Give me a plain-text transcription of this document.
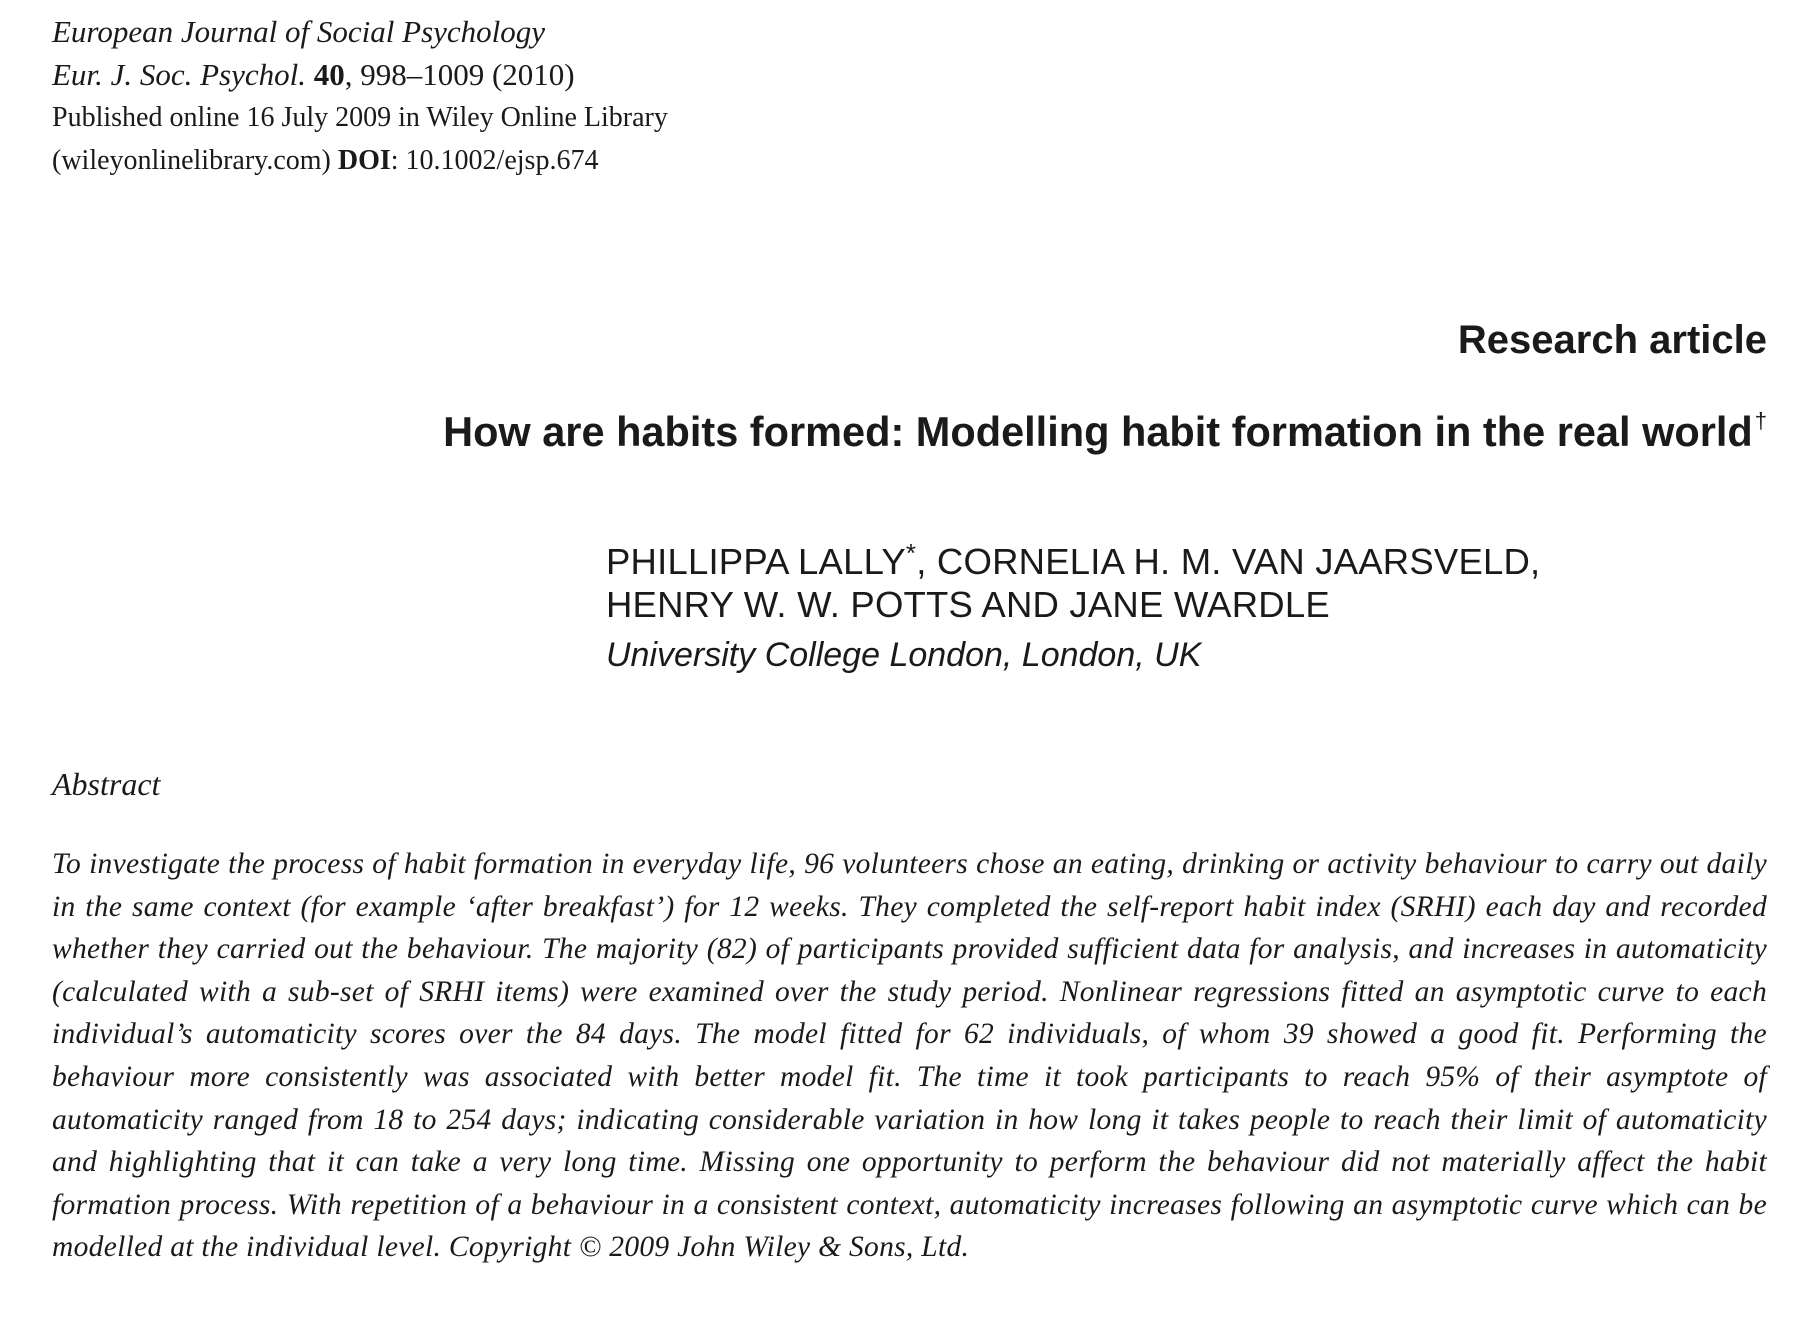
European Journal of Social Psychology
Eur. J. Soc. Psychol. 40, 998–1009 (2010)
Published online 16 July 2009 in Wiley Online Library
(wileyonlinelibrary.com) DOI: 10.1002/ejsp.674
Research article
How are habits formed: Modelling habit formation in the real world†
PHILLIPPA LALLY*, CORNELIA H. M. VAN JAARSVELD,
HENRY W. W. POTTS AND JANE WARDLE
University College London, London, UK
Abstract
To investigate the process of habit formation in everyday life, 96 volunteers chose an eating, drinking or activity behaviour to carry out daily in the same context (for example ‘after breakfast’) for 12 weeks. They completed the self-report habit index (SRHI) each day and recorded whether they carried out the behaviour. The majority (82) of participants provided sufficient data for analysis, and increases in automaticity (calculated with a sub-set of SRHI items) were examined over the study period. Nonlinear regressions fitted an asymptotic curve to each individual’s automaticity scores over the 84 days. The model fitted for 62 individuals, of whom 39 showed a good fit. Performing the behaviour more consistently was associated with better model fit. The time it took participants to reach 95% of their asymptote of automaticity ranged from 18 to 254 days; indicating considerable variation in how long it takes people to reach their limit of automaticity and highlighting that it can take a very long time. Missing one opportunity to perform the behaviour did not materially affect the habit formation process. With repetition of a behaviour in a consistent context, automaticity increases following an asymptotic curve which can be modelled at the individual level. Copyright © 2009 John Wiley & Sons, Ltd.
